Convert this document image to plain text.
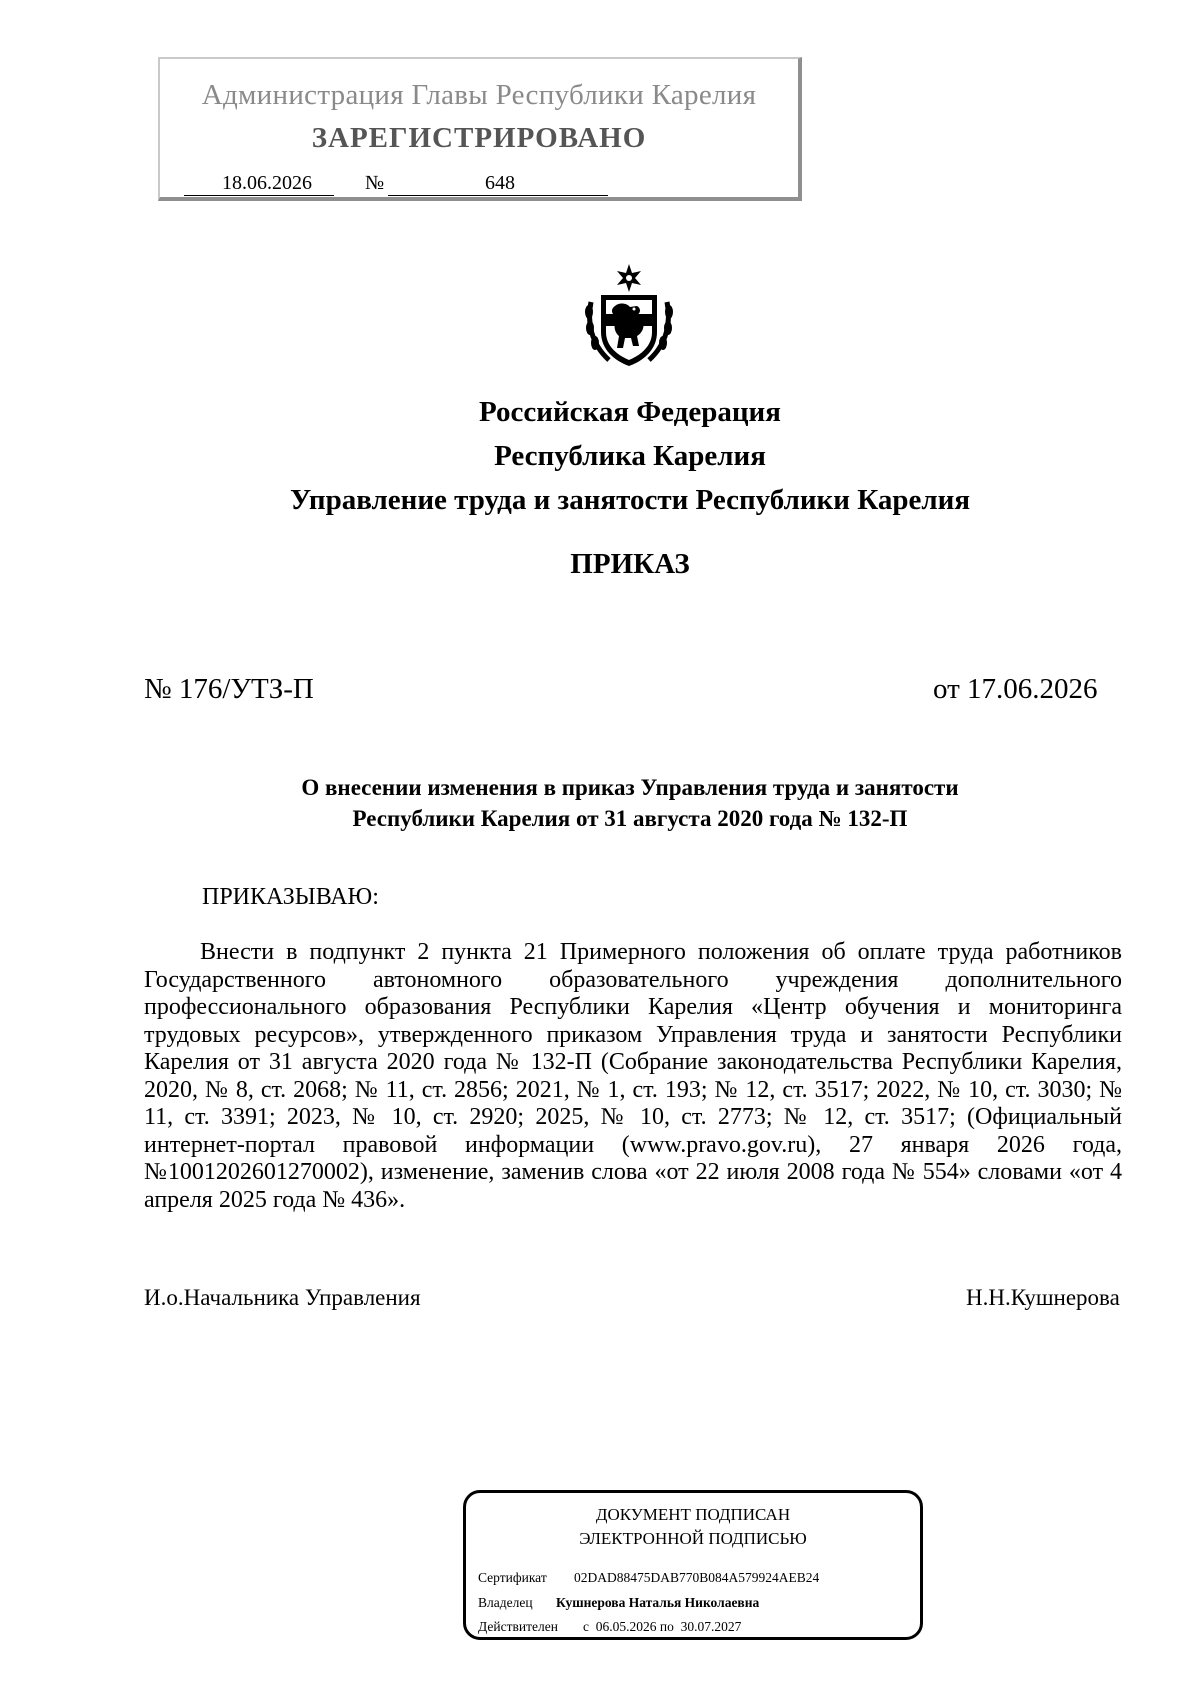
Администрация Главы Республики Карелия
ЗАРЕГИСТРИРОВАНО
18.06.2026	№	648
Российская Федерация
Республика Карелия
Управление труда и занятости Республики Карелия
ПРИКАЗ
№ 176/УТЗ-П	от 17.06.2026
О внесении изменения в приказ Управления труда и занятости
Республики Карелия от 31 августа 2020 года № 132-П
ПРИКАЗЫВАЮ:
Внести в подпункт 2 пункта 21 Примерного положения об оплате труда работников Государственного автономного образовательного учреждения дополнительного профессионального образования Республики Карелия «Центр обучения и мониторинга трудовых ресурсов», утвержденного приказом Управления труда и занятости Республики Карелия от 31 августа 2020 года № 132-П (Собрание законодательства Республики Карелия, 2020, № 8, ст. 2068; № 11, ст. 2856; 2021, № 1, ст. 193; № 12, ст. 3517; 2022, № 10, ст. 3030; № 11, ст. 3391; 2023, № 10, ст. 2920; 2025, № 10, ст. 2773; № 12, ст. 3517; (Официальный интернет-портал правовой информации (www.pravo.gov.ru), 27 января 2026 года, №1001202601270002), изменение, заменив слова «от 22 июля 2008 года № 554» словами «от 4 апреля 2025 года № 436».
И.о.Начальника Управления	Н.Н.Кушнерова
ДОКУМЕНТ ПОДПИСАН
ЭЛЕКТРОННОЙ ПОДПИСЬЮ
Сертификат 02DAD88475DAB770B084A579924AEB24
Владелец Кушнерова Наталья Николаевна
Действителен с  06.05.2026 по  30.07.2027
